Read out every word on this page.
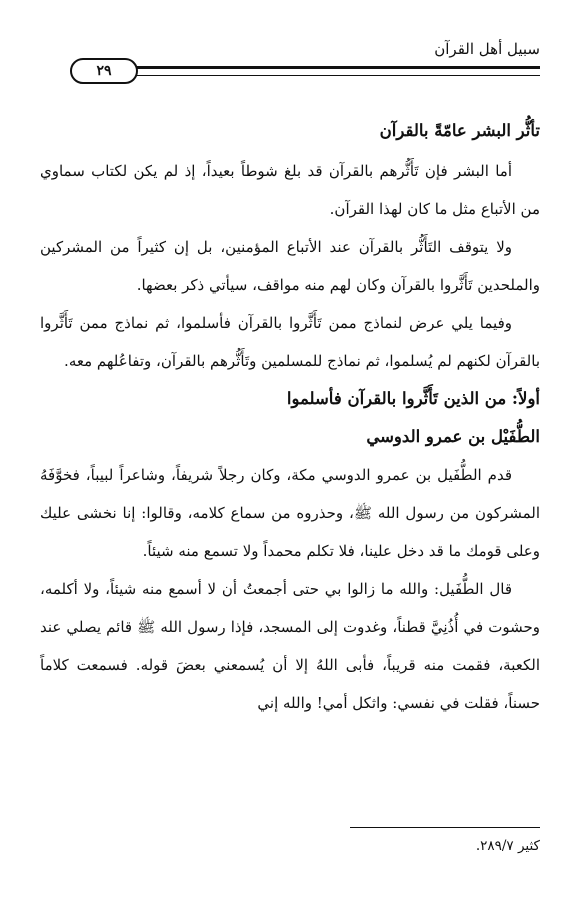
سبيل أهل القرآن
٢٩

تأثُّر البشر عامّةً بالقرآن

أما البشر فإن تَأَثُّرهم بالقرآن قد بلغ شوطاً بعيداً، إذ لم يكن لكتاب سماوي من الأتباع مثل ما كان لهذا القرآن.

ولا يتوقف التَأَثُّر بالقرآن عند الأتباع المؤمنين، بل إن كثيراً من المشركين والملحدين تَأَثَّروا بالقرآن وكان لهم منه مواقف، سيأتي ذكر بعضها.

وفيما يلي عرض لنماذج ممن تَأَثَّروا بالقرآن فأسلموا، ثم نماذج ممن تَأَثَّروا بالقرآن لكنهم لم يُسلموا، ثم نماذج للمسلمين وتَأَثُّرهم بالقرآن، وتفاعُلهم معه.

أولاً: من الذين تَأَثَّروا بالقرآن فأسلموا

الطُّفَيْل بن عمرو الدوسي

قدم الطُّفَيل بن عمرو الدوسي مكة، وكان رجلاً شريفاً، وشاعراً لبيباً، فخوَّفَهُ المشركون من رسول الله ﷺ، وحذروه من سماع كلامه، وقالوا: إنا نخشى عليك وعلى قومك ما قد دخل علينا، فلا تكلم محمداً ولا تسمع منه شيئاً.

قال الطُّفَيل: والله ما زالوا بي حتى أجمعتُ أن لا أسمع منه شيئاً، ولا أكلمه، وحشوت في أُذُنِيَّ قطناً، وغدوت إلى المسجد، فإذا رسول الله ﷺ قائم يصلي عند الكعبة، فقمت منه قريباً، فأبى اللهُ إلا أن يُسمعني بعضَ قوله. فسمعت كلاماً حسناً، فقلت في نفسي: واثكل أمي! والله إني

كثير ٢٨٩/٧.
